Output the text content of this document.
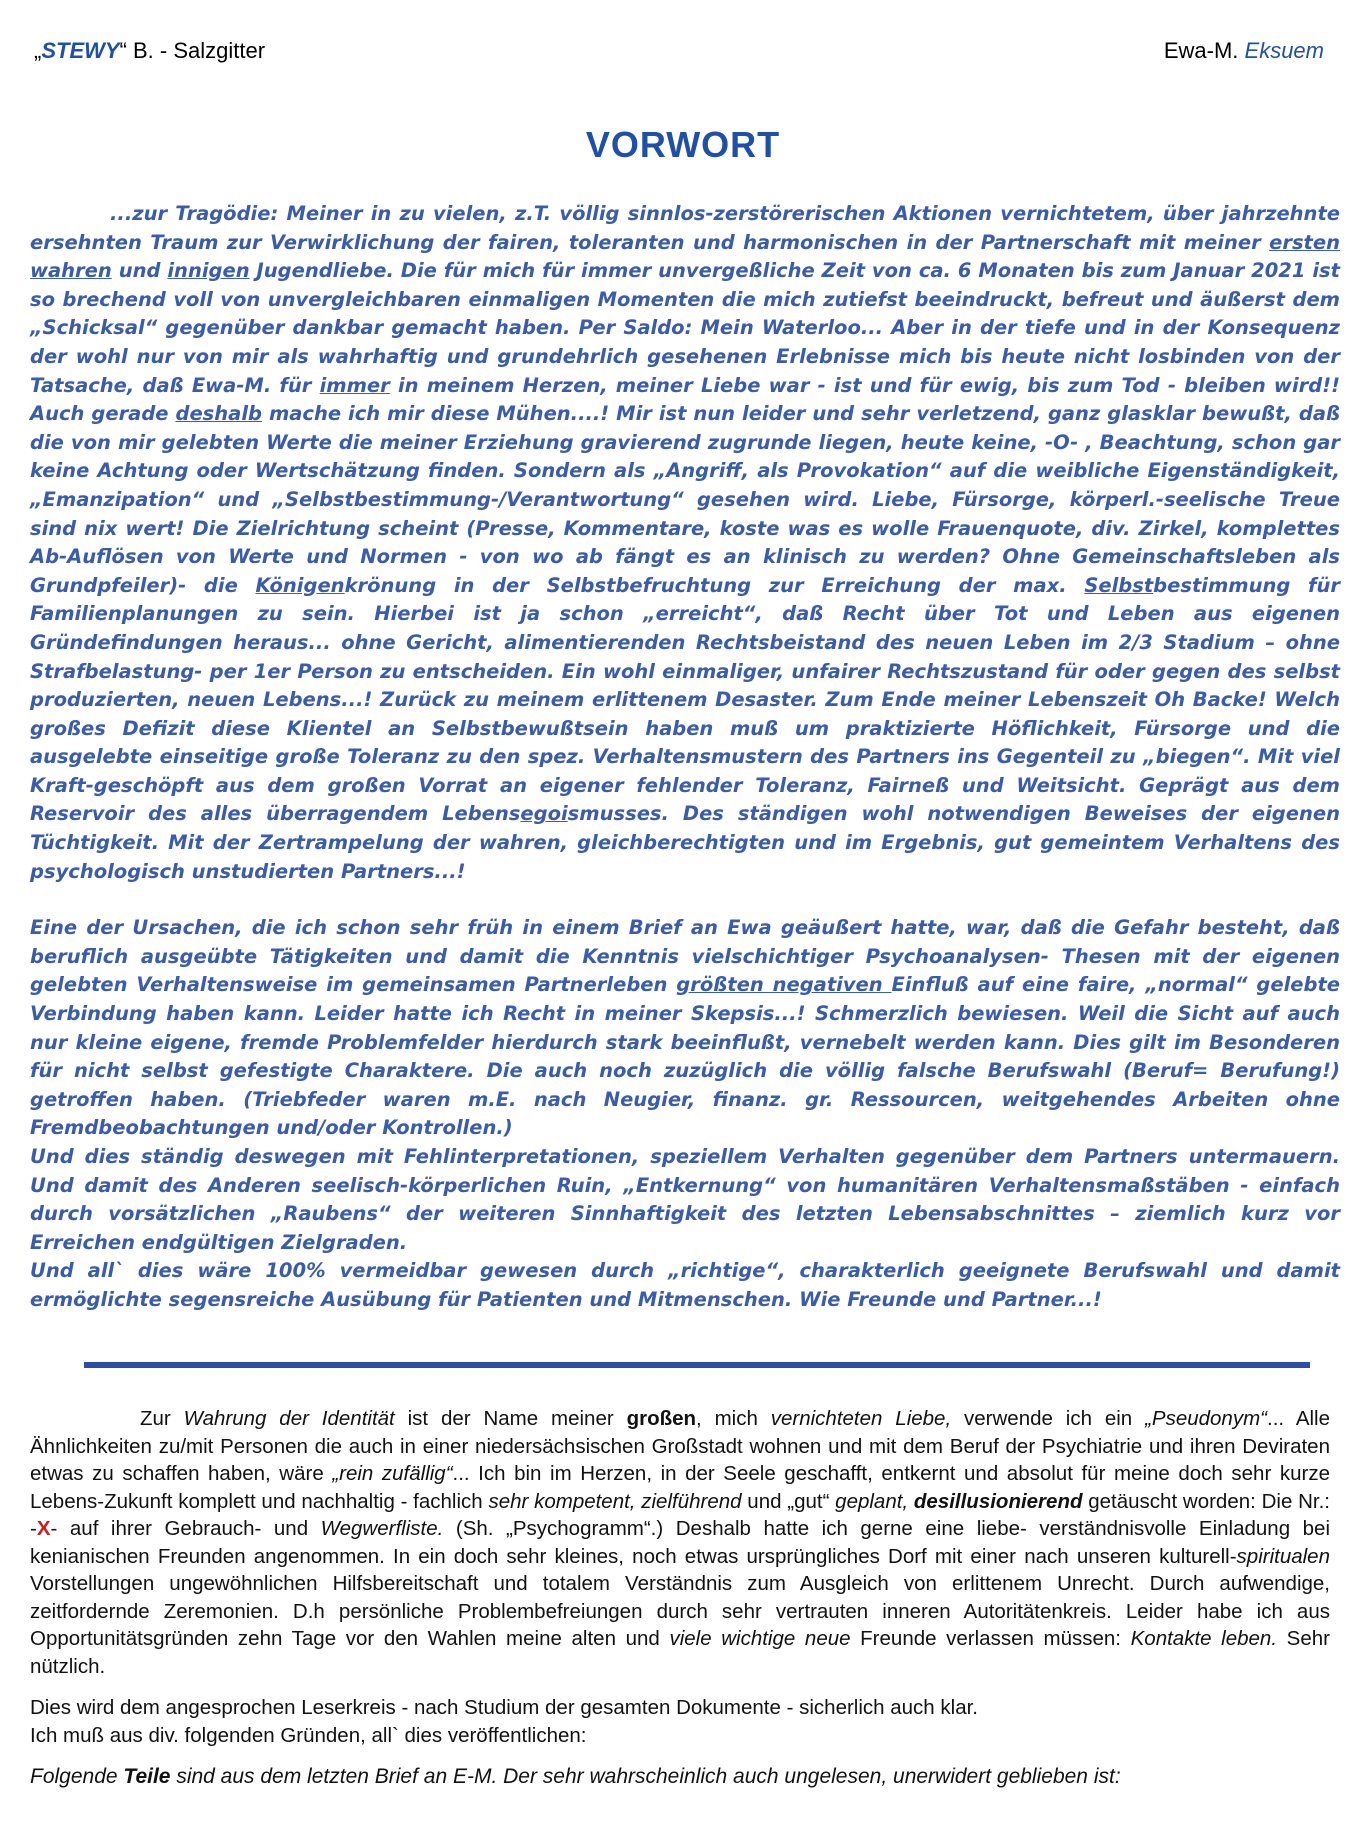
„STEWY“ B. - Salzgitter	Ewa-M. Eksuem
VORWORT

...zur Tragödie: Meiner in zu vielen, z.T. völlig sinnlos-zerstörerischen Aktionen vernichtetem, über jahrzehnte ersehnten Traum zur Verwirklichung der fairen, toleranten und harmonischen in der Partnerschaft mit meiner ersten wahren und innigen Jugendliebe. Die für mich für immer unvergeßliche Zeit von ca. 6 Monaten bis zum Januar 2021 ist so brechend voll von unvergleichbaren einmaligen Momenten die mich zutiefst beeindruckt, befreut und äußerst dem „Schicksal“ gegenüber dankbar gemacht haben. Per Saldo: Mein Waterloo... Aber in der tiefe und in der Konsequenz der wohl nur von mir als wahrhaftig und grundehrlich gesehenen Erlebnisse mich bis heute nicht losbinden von der Tatsache, daß Ewa-M. für immer in meinem Herzen, meiner Liebe war - ist und für ewig, bis zum Tod - bleiben wird!! Auch gerade deshalb mache ich mir diese Mühen....! Mir ist nun leider und sehr verletzend, ganz glasklar bewußt, daß die von mir gelebten Werte die meiner Erziehung gravierend zugrunde liegen, heute keine, -O- , Beachtung, schon gar keine Achtung oder Wertschätzung finden. Sondern als „Angriff, als Provokation“ auf die weibliche Eigenständigkeit, „Emanzipation“ und „Selbstbestimmung-/Verantwortung“ gesehen wird. Liebe, Fürsorge, körperl.-seelische Treue sind nix wert! Die Zielrichtung scheint (Presse, Kommentare, koste was es wolle Frauenquote, div. Zirkel, komplettes Ab-Auflösen von Werte und Normen - von wo ab fängt es an klinisch zu werden? Ohne Gemeinschaftsleben als Grundpfeiler)- die Königenkrönung in der Selbstbefruchtung zur Erreichung der max. Selbstbestimmung für Familienplanungen zu sein. Hierbei ist ja schon „erreicht“, daß Recht über Tot und Leben aus eigenen Gründefindungen heraus... ohne Gericht, alimentierenden Rechtsbeistand des neuen Leben im 2/3 Stadium – ohne Strafbelastung- per 1er Person zu entscheiden. Ein wohl einmaliger, unfairer Rechtszustand für oder gegen des selbst produzierten, neuen Lebens...! Zurück zu meinem erlittenem Desaster. Zum Ende meiner Lebenszeit Oh Backe! Welch großes Defizit diese Klientel an Selbstbewußtsein haben muß um praktizierte Höflichkeit, Fürsorge und die ausgelebte einseitige große Toleranz zu den spez. Verhaltensmustern des Partners ins Gegenteil zu „biegen“. Mit viel Kraft-geschöpft aus dem großen Vorrat an eigener fehlender Toleranz, Fairneß und Weitsicht. Geprägt aus dem Reservoir des alles überragendem Lebensegoismusses. Des ständigen wohl notwendigen Beweises der eigenen Tüchtigkeit. Mit der Zertrampelung der wahren, gleichberechtigten und im Ergebnis, gut gemeintem Verhaltens des psychologisch unstudierten Partners...!

Eine der Ursachen, die ich schon sehr früh in einem Brief an Ewa geäußert hatte, war, daß die Gefahr besteht, daß beruflich ausgeübte Tätigkeiten und damit die Kenntnis vielschichtiger Psychoanalysen- Thesen mit der eigenen gelebten Verhaltensweise im gemeinsamen Partnerleben größten negativen Einfluß auf eine faire, „normal“ gelebte Verbindung haben kann. Leider hatte ich Recht in meiner Skepsis...! Schmerzlich bewiesen. Weil die Sicht auf auch nur kleine eigene, fremde Problemfelder hierdurch stark beeinflußt, vernebelt werden kann. Dies gilt im Besonderen für nicht selbst gefestigte Charaktere. Die auch noch zuzüglich die völlig falsche Berufswahl (Beruf= Berufung!) getroffen haben. (Triebfeder waren m.E. nach Neugier, finanz. gr. Ressourcen, weitgehendes Arbeiten ohne Fremdbeobachtungen und/oder Kontrollen.)

Und dies ständig deswegen mit Fehlinterpretationen, speziellem Verhalten gegenüber dem Partners untermauern. Und damit des Anderen seelisch-körperlichen Ruin, „Entkernung“ von humanitären Verhaltensmaßstäben - einfach durch vorsätzlichen „Raubens“ der weiteren Sinnhaftigkeit des letzten Lebensabschnittes – ziemlich kurz vor Erreichen endgültigen Zielgraden.

Und all` dies wäre 100% vermeidbar gewesen durch „richtige“, charakterlich geeignete Berufswahl und damit ermöglichte segensreiche Ausübung für Patienten und Mitmenschen. Wie Freunde und Partner...!

Zur Wahrung der Identität ist der Name meiner großen, mich vernichteten Liebe, verwende ich ein „Pseudonym“... Alle Ähnlichkeiten zu/mit Personen die auch in einer niedersächsischen Großstadt wohnen und mit dem Beruf der Psychiatrie und ihren Deviraten etwas zu schaffen haben, wäre „rein zufällig“... Ich bin im Herzen, in der Seele geschafft, entkernt und absolut für meine doch sehr kurze Lebens-Zukunft komplett und nachhaltig - fachlich sehr kompetent, zielführend und „gut“ geplant, desillusionierend getäuscht worden: Die Nr.: -X- auf ihrer Gebrauch- und Wegwerfliste. (Sh. „Psychogramm“.) Deshalb hatte ich gerne eine liebe- verständnisvolle Einladung bei kenianischen Freunden angenommen. In ein doch sehr kleines, noch etwas ursprüngliches Dorf mit einer nach unseren kulturell-spiritualen Vorstellungen ungewöhnlichen Hilfsbereitschaft und totalem Verständnis zum Ausgleich von erlittenem Unrecht. Durch aufwendige, zeitfordernde Zeremonien. D.h persönliche Problembefreiungen durch sehr vertrauten inneren Autoritätenkreis. Leider habe ich aus Opportunitätsgründen zehn Tage vor den Wahlen meine alten und viele wichtige neue Freunde verlassen müssen: Kontakte leben. Sehr nützlich.

Dies wird dem angesprochen Leserkreis - nach Studium der gesamten Dokumente - sicherlich auch klar.

Ich muß aus div. folgenden Gründen, all` dies veröffentlichen:

Folgende Teile sind aus dem letzten Brief an E-M. Der sehr wahrscheinlich auch ungelesen, unerwidert geblieben ist:
